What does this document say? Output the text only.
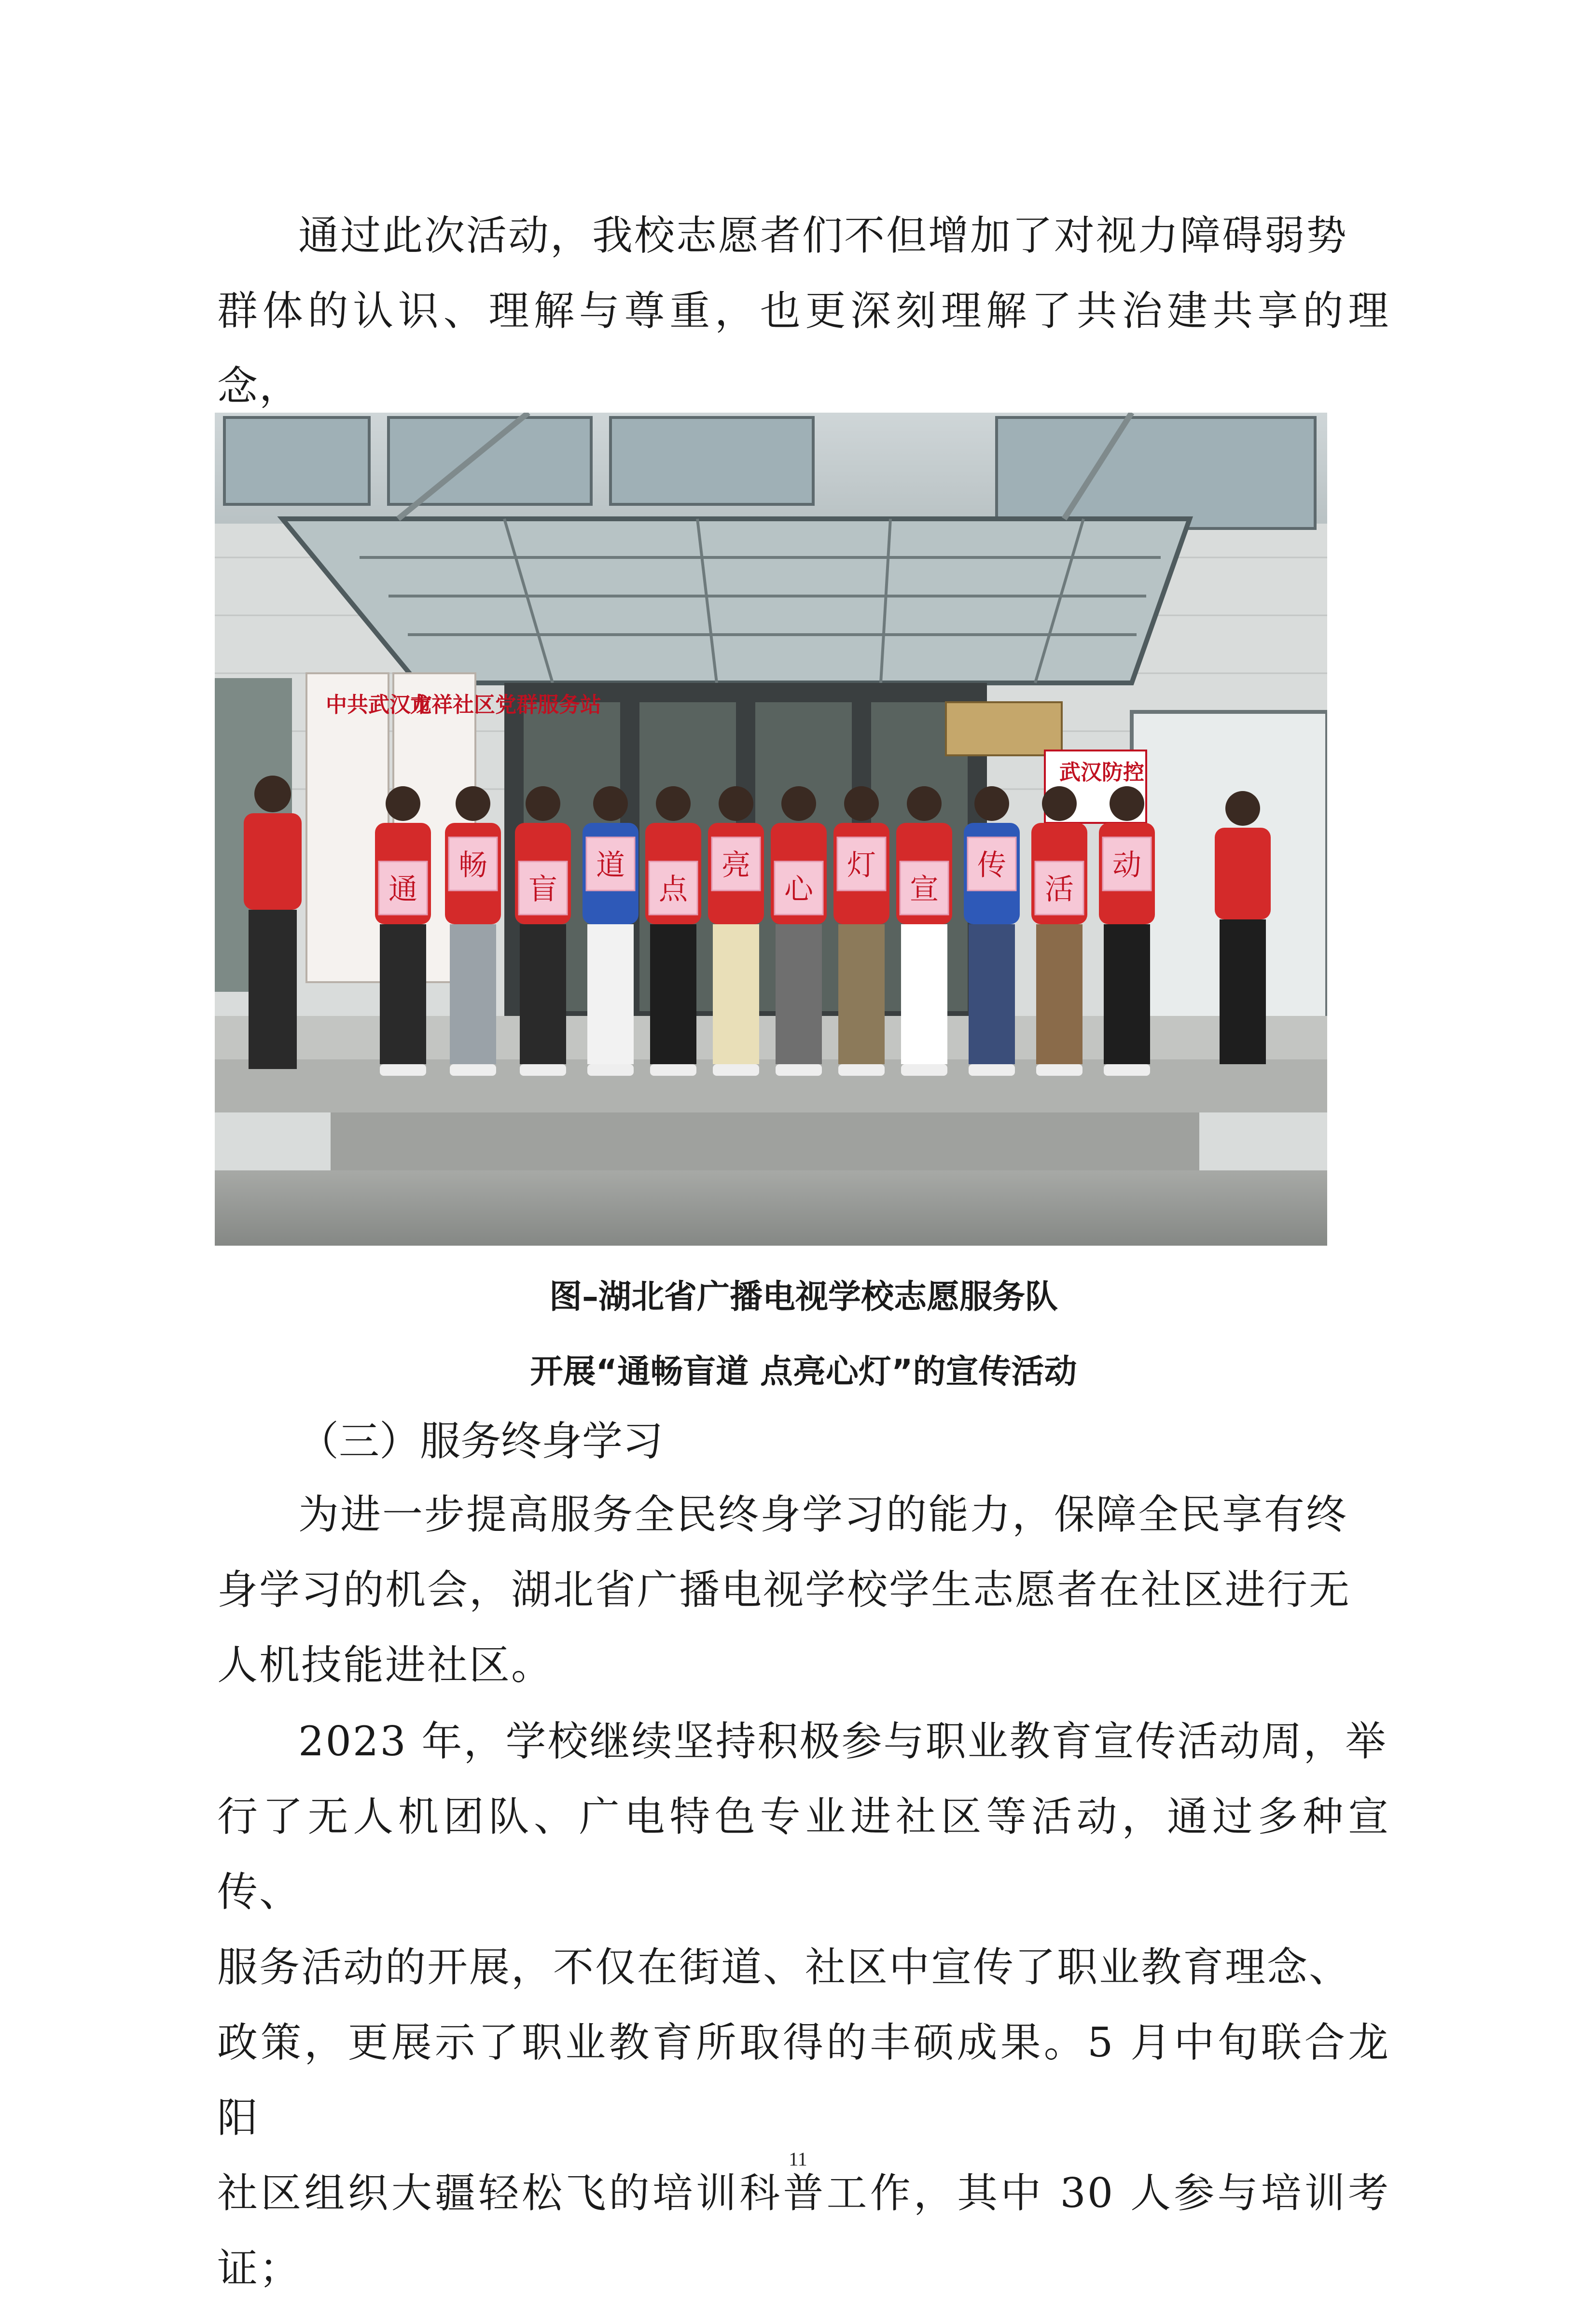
通过此次活动，我校志愿者们不但增加了对视力障碍弱势
群体的认识、理解与尊重，也更深刻理解了共治建共享的理念，
中共武汉市
龙祥社区党群服务站
武汉防控
通
畅
盲
道
点
亮
心
灯
宣
传
活
动
图–湖北省广播电视学校志愿服务队
开展“通畅盲道 点亮心灯”的宣传活动
（三）服务终身学习
为进一步提高服务全民终身学习的能力，保障全民享有终
身学习的机会，湖北省广播电视学校学生志愿者在社区进行无
人机技能进社区。
2023 年，学校继续坚持积极参与职业教育宣传活动周，举
行了无人机团队、广电特色专业进社区等活动，通过多种宣传、
服务活动的开展，不仅在街道、社区中宣传了职业教育理念、
政策，更展示了职业教育所取得的丰硕成果。5 月中旬联合龙阳
社区组织大疆轻松飞的培训科普工作，其中 30 人参与培训考证；
11
